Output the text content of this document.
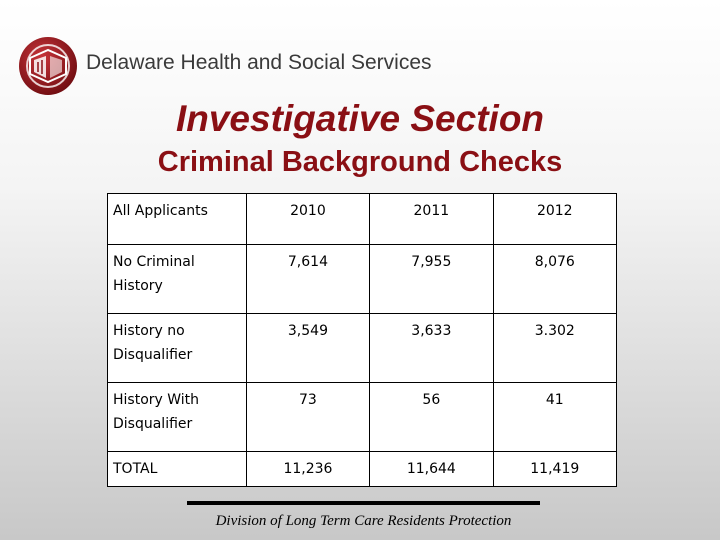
Delaware Health and Social Services
Investigative Section
Criminal Background Checks
All Applicants	2010	2011	2012
No Criminal History	7,614	7,955	8,076
History no Disqualifier	3,549	3,633	3.302
History With Disqualifier	73	56	41
TOTAL	11,236	11,644	11,419
Division of Long Term Care Residents Protection
